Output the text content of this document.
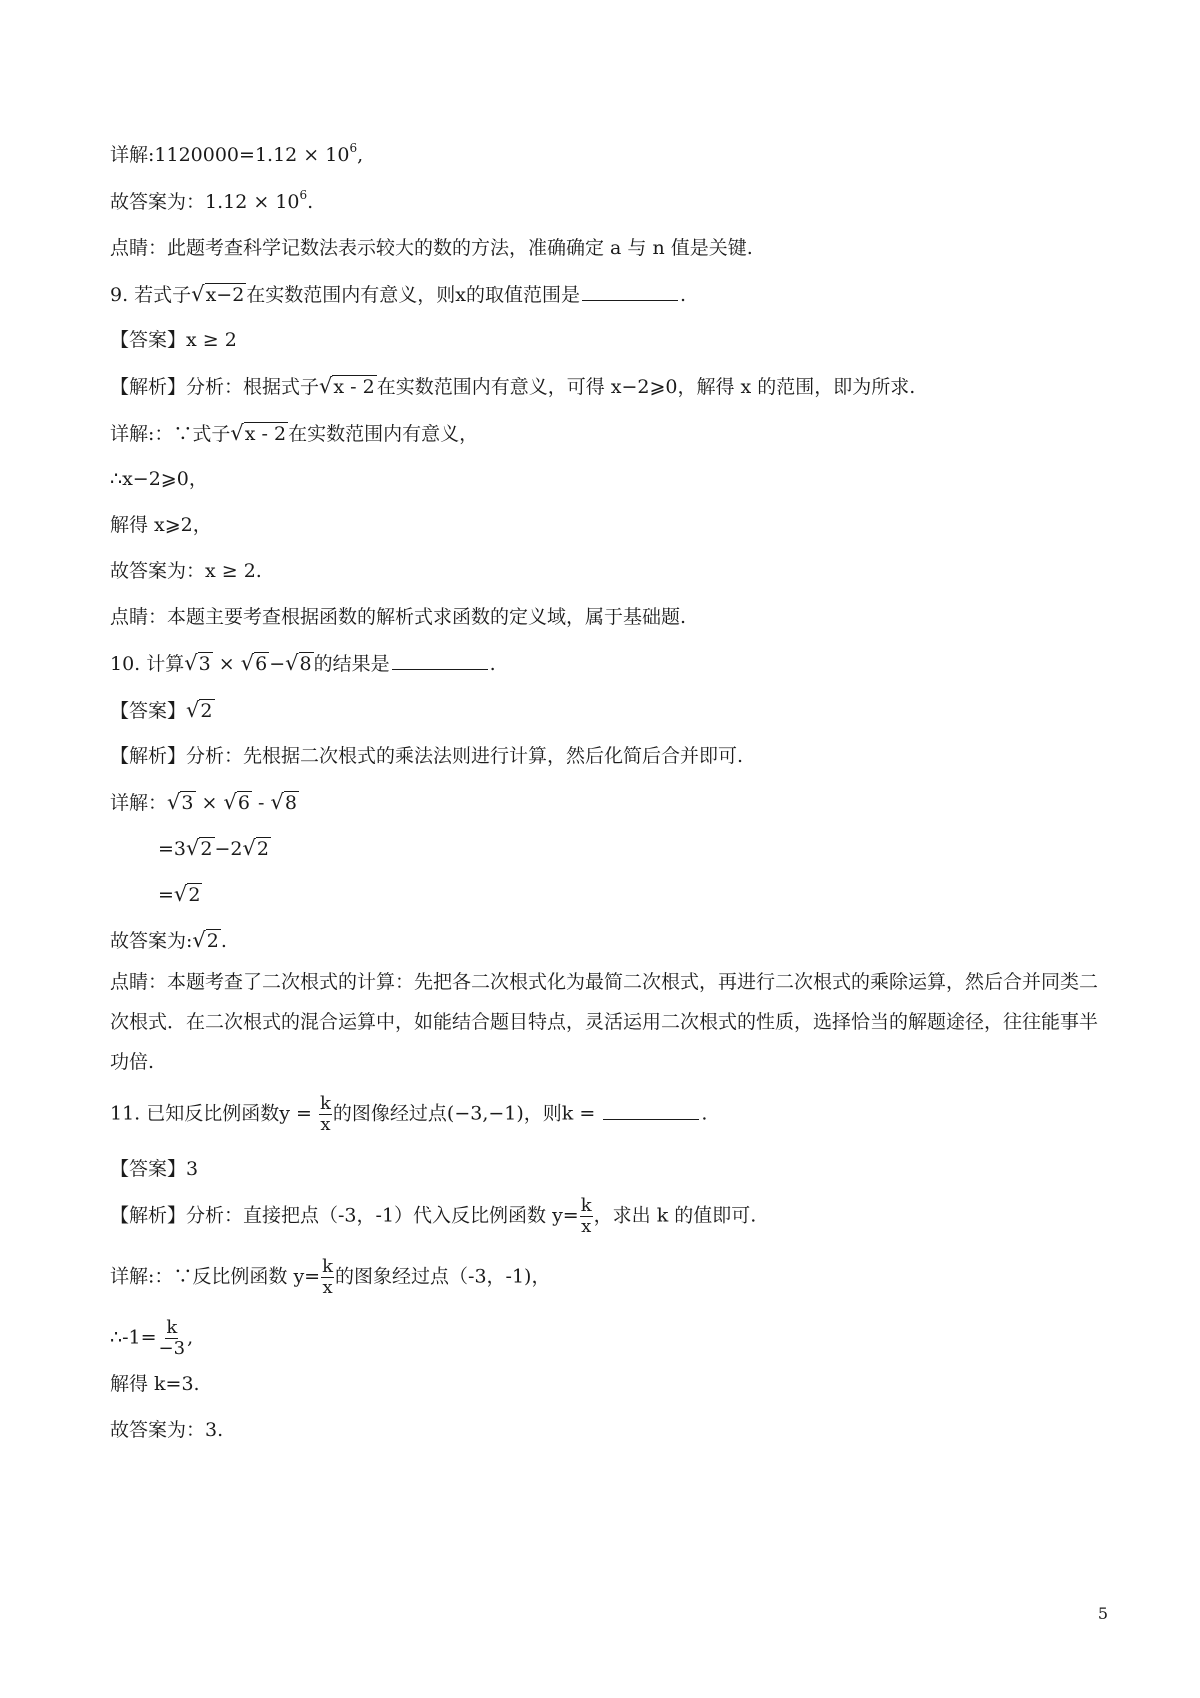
详解:1120000=1.12 × $10^6$,
故答案为：$1.12 \times 10^6$.
点睛：此题考查科学记数法表示较大的数的方法，准确确定 a 与 n 值是关键.
9. 若式子√x−2 在实数范围内有意义，则x的取值范围是	.
【答案】x ≥ 2
【解析】分析：根据式子√x - 2 在实数范围内有意义，可得 x−2⩾0，解得 x 的范围，即为所求.
详解:：∵式子√x - 2 在实数范围内有意义，
∴x−2⩾0，
解得 x⩾2，
故答案为：x ≥ 2.
点睛：本题主要考查根据函数的解析式求函数的定义域，属于基础题.
10. 计算√3 × √6 −√8 的结果是	.
【答案】√2
【解析】分析：先根据二次根式的乘法法则进行计算，然后化简后合并即可.
详解：√3 × √6 - √8
=3√2 −2√2
=√2
故答案为:√2 .
点睛：本题考查了二次根式的计算：先把各二次根式化为最简二次根式，再进行二次根式的乘除运算，然后合并同类二次根式．在二次根式的混合运算中，如能结合题目特点，灵活运用二次根式的性质，选择恰当的解题途径，往往能事半功倍.
11. 已知反比例函数$y = \frac{k}{x}$ 的图像经过点(−3,−1)，则k =	.
【答案】3
【解析】分析：直接把点（-3，-1）代入反比例函数 $y= \frac{k}{x}$ ，求出 k 的值即可.
详解:：∵反比例函数 $y= \frac{k}{x}$ 的图象经过点（-3，-1)，
∴-1= $\frac{k}{-3}$ ,
解得 k=3.
故答案为：3.
5
